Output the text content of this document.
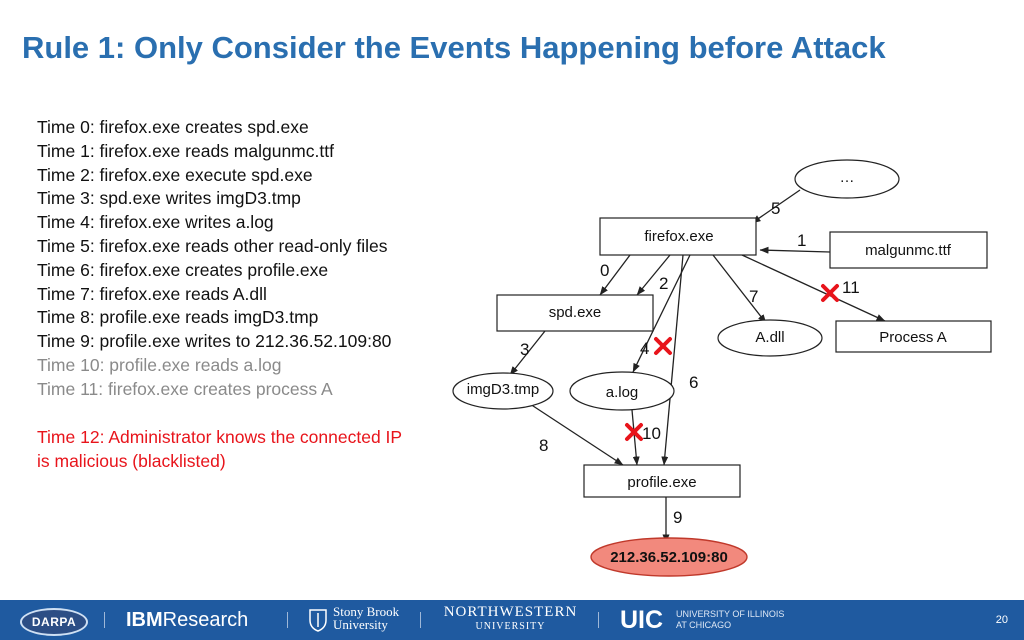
Rule 1: Only Consider the Events Happening before Attack
Time 0: firefox.exe creates spd.exe
Time 1: firefox.exe reads malgunmc.ttf
Time 2: firefox.exe execute spd.exe
Time 3: spd.exe writes imgD3.tmp
Time 4: firefox.exe writes a.log
Time 5: firefox.exe reads other read-only files
Time 6: firefox.exe creates profile.exe
Time 7: firefox.exe reads A.dll
Time 8: profile.exe reads imgD3.tmp
Time 9: profile.exe writes to 212.36.52.109:80
Time 10: profile.exe reads a.log
Time 11: firefox.exe creates process A
Time 12: Administrator knows the connected IP
is malicious (blacklisted)
firefox.exe
…
malgunmc.ttf
spd.exe
A.dll	Process A
imgD3.tmp	a.log
profile.exe
212.36.52.109:80
0
1
2
3	4
5
6
7
8
9
10
11
DARPA	IBMResearch	Stony Brook
University
NORTHWESTERN
UNIVERSITY	UIC UNIVERSITY OF ILLINOIS
AT CHICAGO	20
